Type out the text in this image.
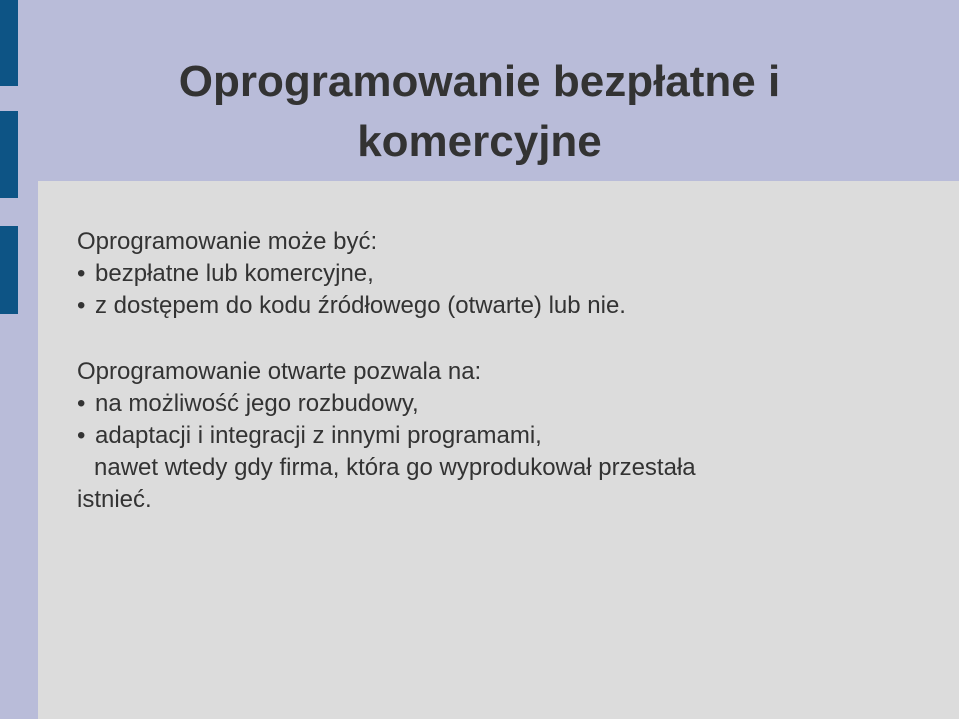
Oprogramowanie bezpłatne i
komercyjne
Oprogramowanie może być:
• bezpłatne lub komercyjne,
• z dostępem do kodu źródłowego (otwarte) lub nie.
Oprogramowanie otwarte pozwala na:
• na możliwość jego rozbudowy,
• adaptacji i integracji z innymi programami,
nawet wtedy gdy firma, która go wyprodukował przestała
istnieć.
